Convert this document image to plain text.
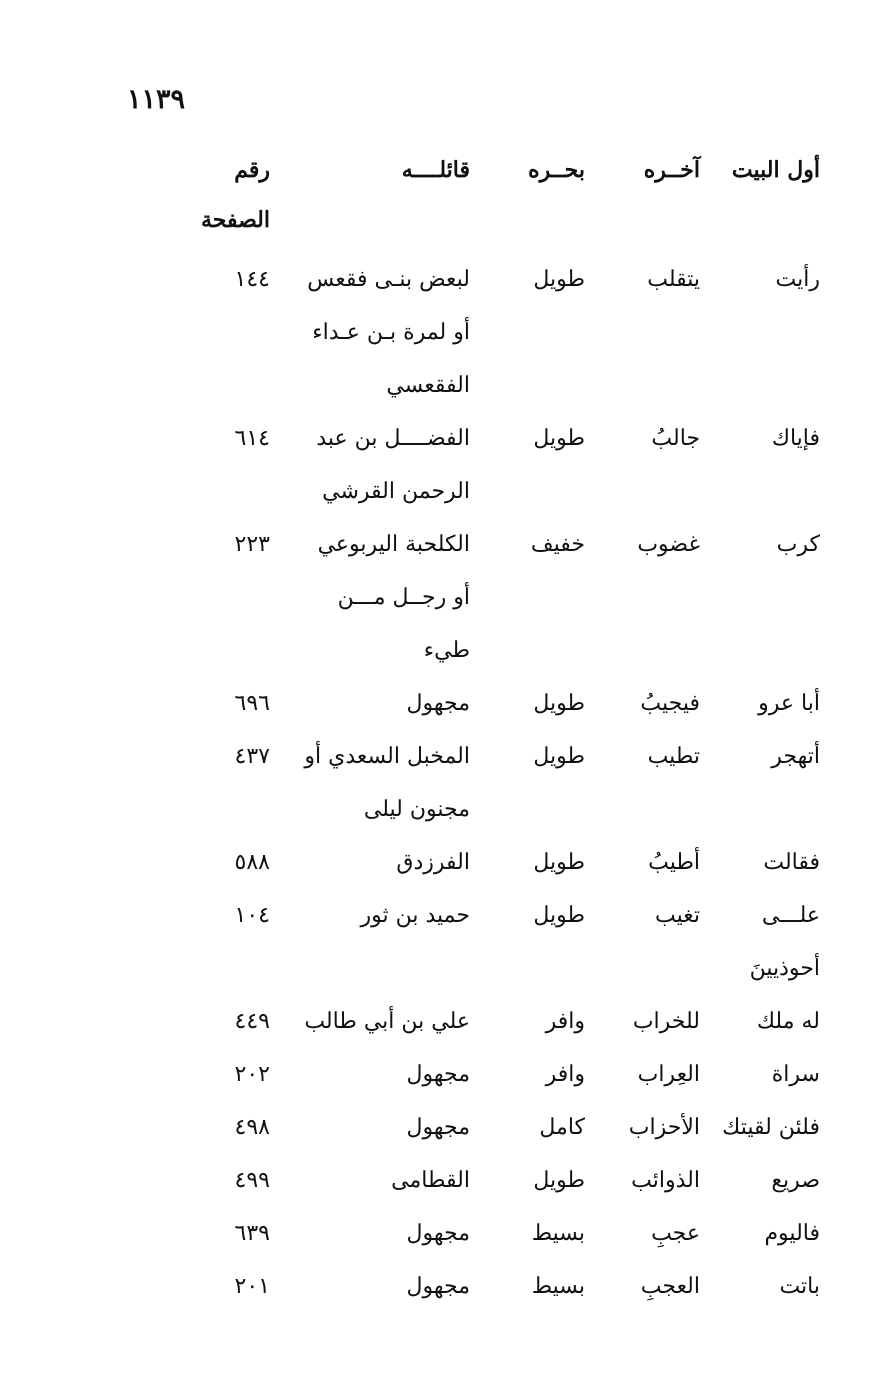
١١٣٩
أول البيت
آخــره
بحــره
قائلــــه
رقم الصفحة
رأيت
يتقلب
طويل
لبعض بنـى فقعس
١٤٤
أو لمرة بـن عـداء
الفقعسي
فإياك
جالبُ
طويل
الفضــــل بن عبد
٦١٤
الرحمن القرشي
كرب
غضوب
خفيف
الكلحبة اليربوعي
٢٢٣
أو رجــل مـــن
طيء
أبا عرو
فيجيبُ
طويل
مجهول
٦٩٦
أتهجر
تطيب
طويل
المخبل السعدي أو
٤٣٧
مجنون ليلى
فقالت
أطيبُ
طويل
الفرزدق
٥٨٨
علـــى
تغيب
طويل
حميد بن ثور
١٠٤
أحوذيينَ
له ملك
للخراب
وافر
علي بن أبي طالب
٤٤٩
سراة
العِراب
وافر
مجهول
٢٠٢
فلئن لقيتك
الأحزاب
كامل
مجهول
٤٩٨
صريع
الذوائب
طويل
القطامى
٤٩٩
فاليوم
عجبِ
بسيط
مجهول
٦٣٩
باتت
العجبِ
بسيط
مجهول
٢٠١
